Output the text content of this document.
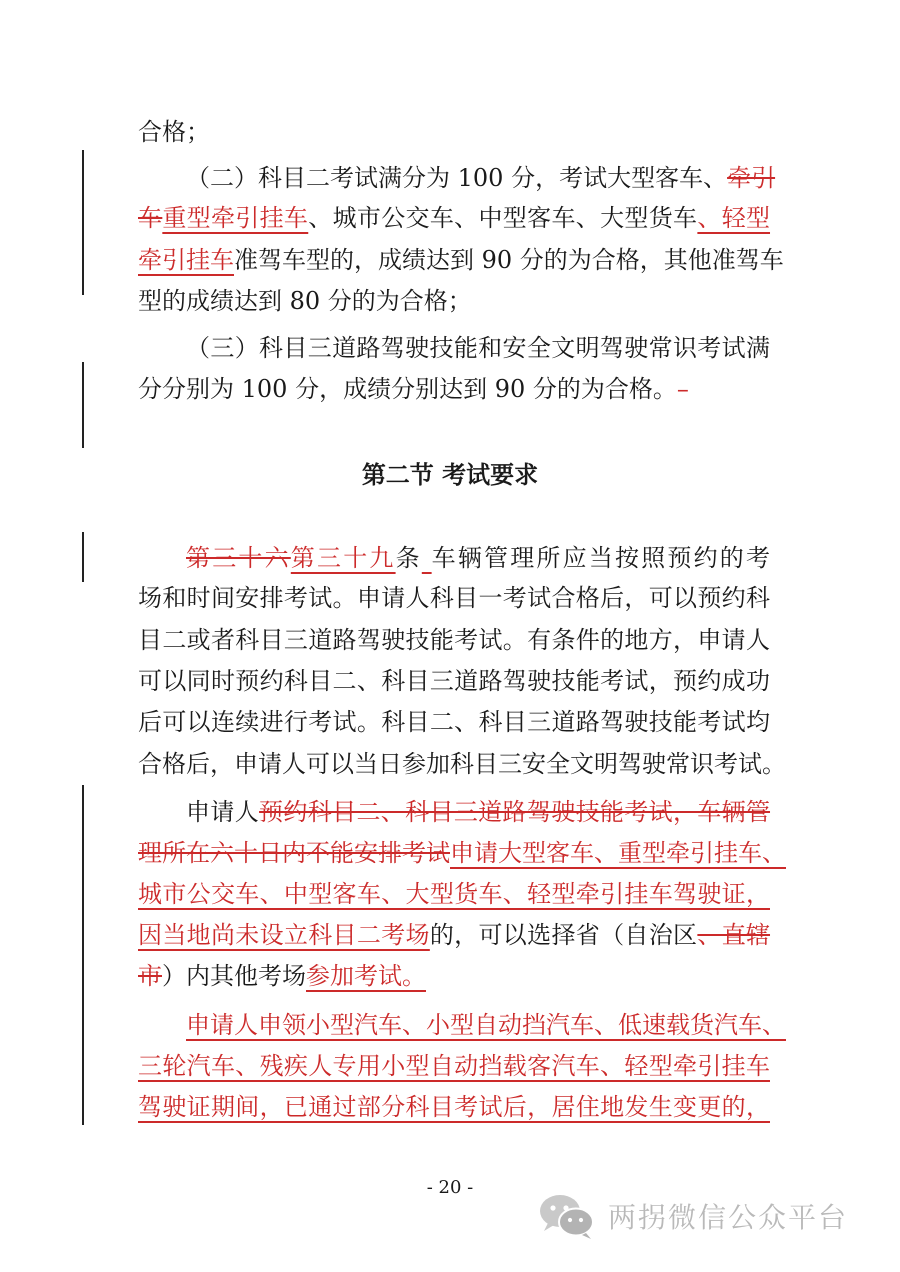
合格；
（二）科目二考试满分为 100 分，考试大型客车、牵引
车重型牵引挂车、城市公交车、中型客车、大型货车、轻型
牵引挂车准驾车型的，成绩达到 90 分的为合格，其他准驾车
型的成绩达到 80 分的为合格；
（三）科目三道路驾驶技能和安全文明驾驶常识考试满
分分别为 100 分，成绩分别达到 90 分的为合格。–
第二节 考试要求
第三十六第三十九条 车辆管理所应当按照预约的考
场和时间安排考试。申请人科目一考试合格后，可以预约科
目二或者科目三道路驾驶技能考试。有条件的地方，申请人
可以同时预约科目二、科目三道路驾驶技能考试，预约成功
后可以连续进行考试。科目二、科目三道路驾驶技能考试均
合格后，申请人可以当日参加科目三安全文明驾驶常识考试。
申请人预约科目二、科目三道路驾驶技能考试，车辆管
理所在六十日内不能安排考试申请大型客车、重型牵引挂车、
城市公交车、中型客车、大型货车、轻型牵引挂车驾驶证，
因当地尚未设立科目二考场的，可以选择省（自治区、直辖
市）内其他考场参加考试。
申请人申领小型汽车、小型自动挡汽车、低速载货汽车、
三轮汽车、残疾人专用小型自动挡载客汽车、轻型牵引挂车
驾驶证期间，已通过部分科目考试后，居住地发生变更的，
- 20 -
两拐微信公众平台
